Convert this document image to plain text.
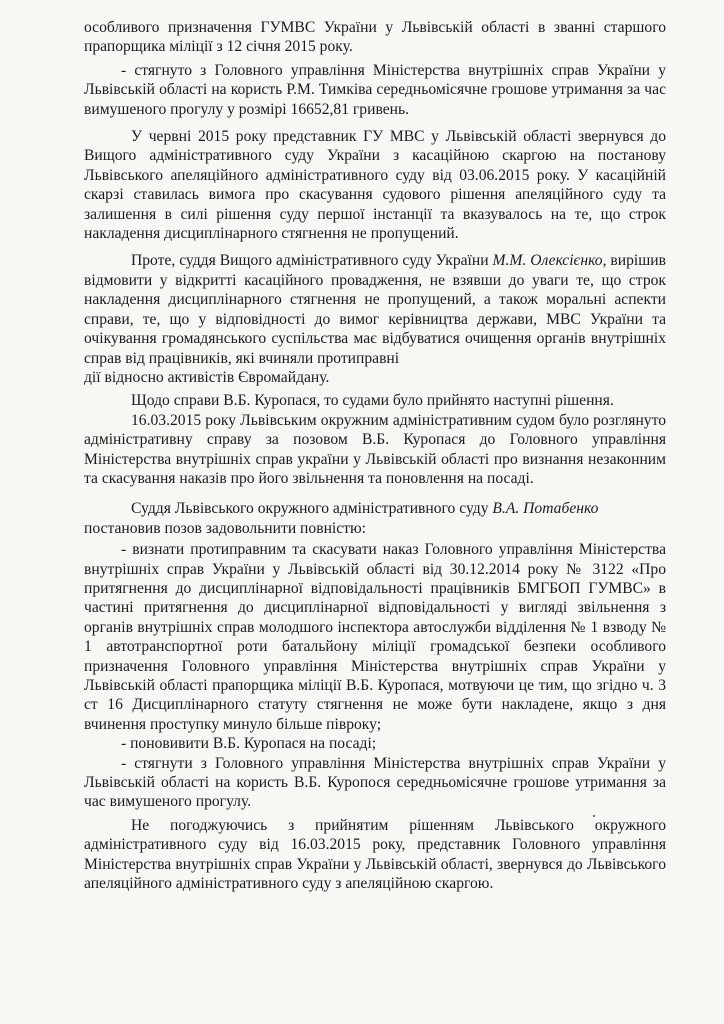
особливого призначення ГУМВС України у Львівській області в званні старшого прапорщика міліції з 12 січня 2015 року.

- стягнуто з Головного управління Міністерства внутрішніх справ України у Львівській області на користь Р.М. Тимківа середньомісячне грошове утримання за час вимушеного прогулу у розмірі 16652,81 гривень.

У червні 2015 року представник ГУ МВС у Львівській області звернувся до Вищого адміністративного суду України з касаційною скаргою на постанову Львівського апеляційного адміністративного суду від 03.06.2015 року. У касаційній скарзі ставилась вимога про скасування судового рішення апеляційного суду та залишення в силі рішення суду першої інстанції та вказувалось на те, що строк накладення дисциплінарного стягнення не пропущений.

Проте, суддя Вищого адміністративного суду України М.М. Олексієнко, вирішив відмовити у відкритті касаційного провадження, не взявши до уваги те, що строк накладення дисциплінарного стягнення не пропущений, а також моральні аспекти справи, те, що у відповідності до вимог керівництва держави, МВС України та очікування громадянського суспільства має відбуватися очищення органів внутрішніх справ від працівників, які вчиняли протиправні

дії відносно активістів Євромайдану.

Щодо справи В.Б. Куропася, то судами було прийнято наступні рішення.

16.03.2015 року Львівським окружним адміністративним судом було розглянуто адміністративну справу за позовом В.Б. Куропася до Головного управління Міністерства внутрішніх справ україни у Львівській області про визнання незаконним та скасування наказів про його звільнення та поновлення на посаді.

Суддя Львівського окружного адміністративного суду В.А. Потабенко

постановив позов задовольнити повністю:

- визнати протиправним та скасувати наказ Головного управління Міністерства внутрішніх справ України у Львівській області від 30.12.2014 року № 3122 «Про притягнення до дисциплінарної відповідальності працівників БМГБОП ГУМВС» в частині притягнення до дисциплінарної відповідальності у вигляді звільнення з органів внутрішніх справ молодшого інспектора автослужби відділення № 1 взводу № 1 автотранспортної роти батальйону міліції громадської безпеки особливого призначення Головного управління Міністерства внутрішніх справ України у Львівській області прапорщика міліції В.Б. Куропася, мотвуючи це тим, що згідно ч. 3 ст 16 Дисциплінарного статуту стягнення не може бути накладене, якщо з дня вчинення проступку минуло більше півроку;

- поновивити В.Б. Куропася на посаді;

- стягнути з Головного управління Міністерства внутрішніх справ України у Львівській області на користь В.Б. Куропося середньомісячне грошове утримання за час вимушеного прогулу.

Не погоджуючись з прийнятим рішенням Львівського окружного адміністративного суду від 16.03.2015 року, представник Головного управління Міністерства внутрішніх справ України у Львівській області, звернувся до Львівського апеляційного адміністративного суду з апеляційною скаргою.
